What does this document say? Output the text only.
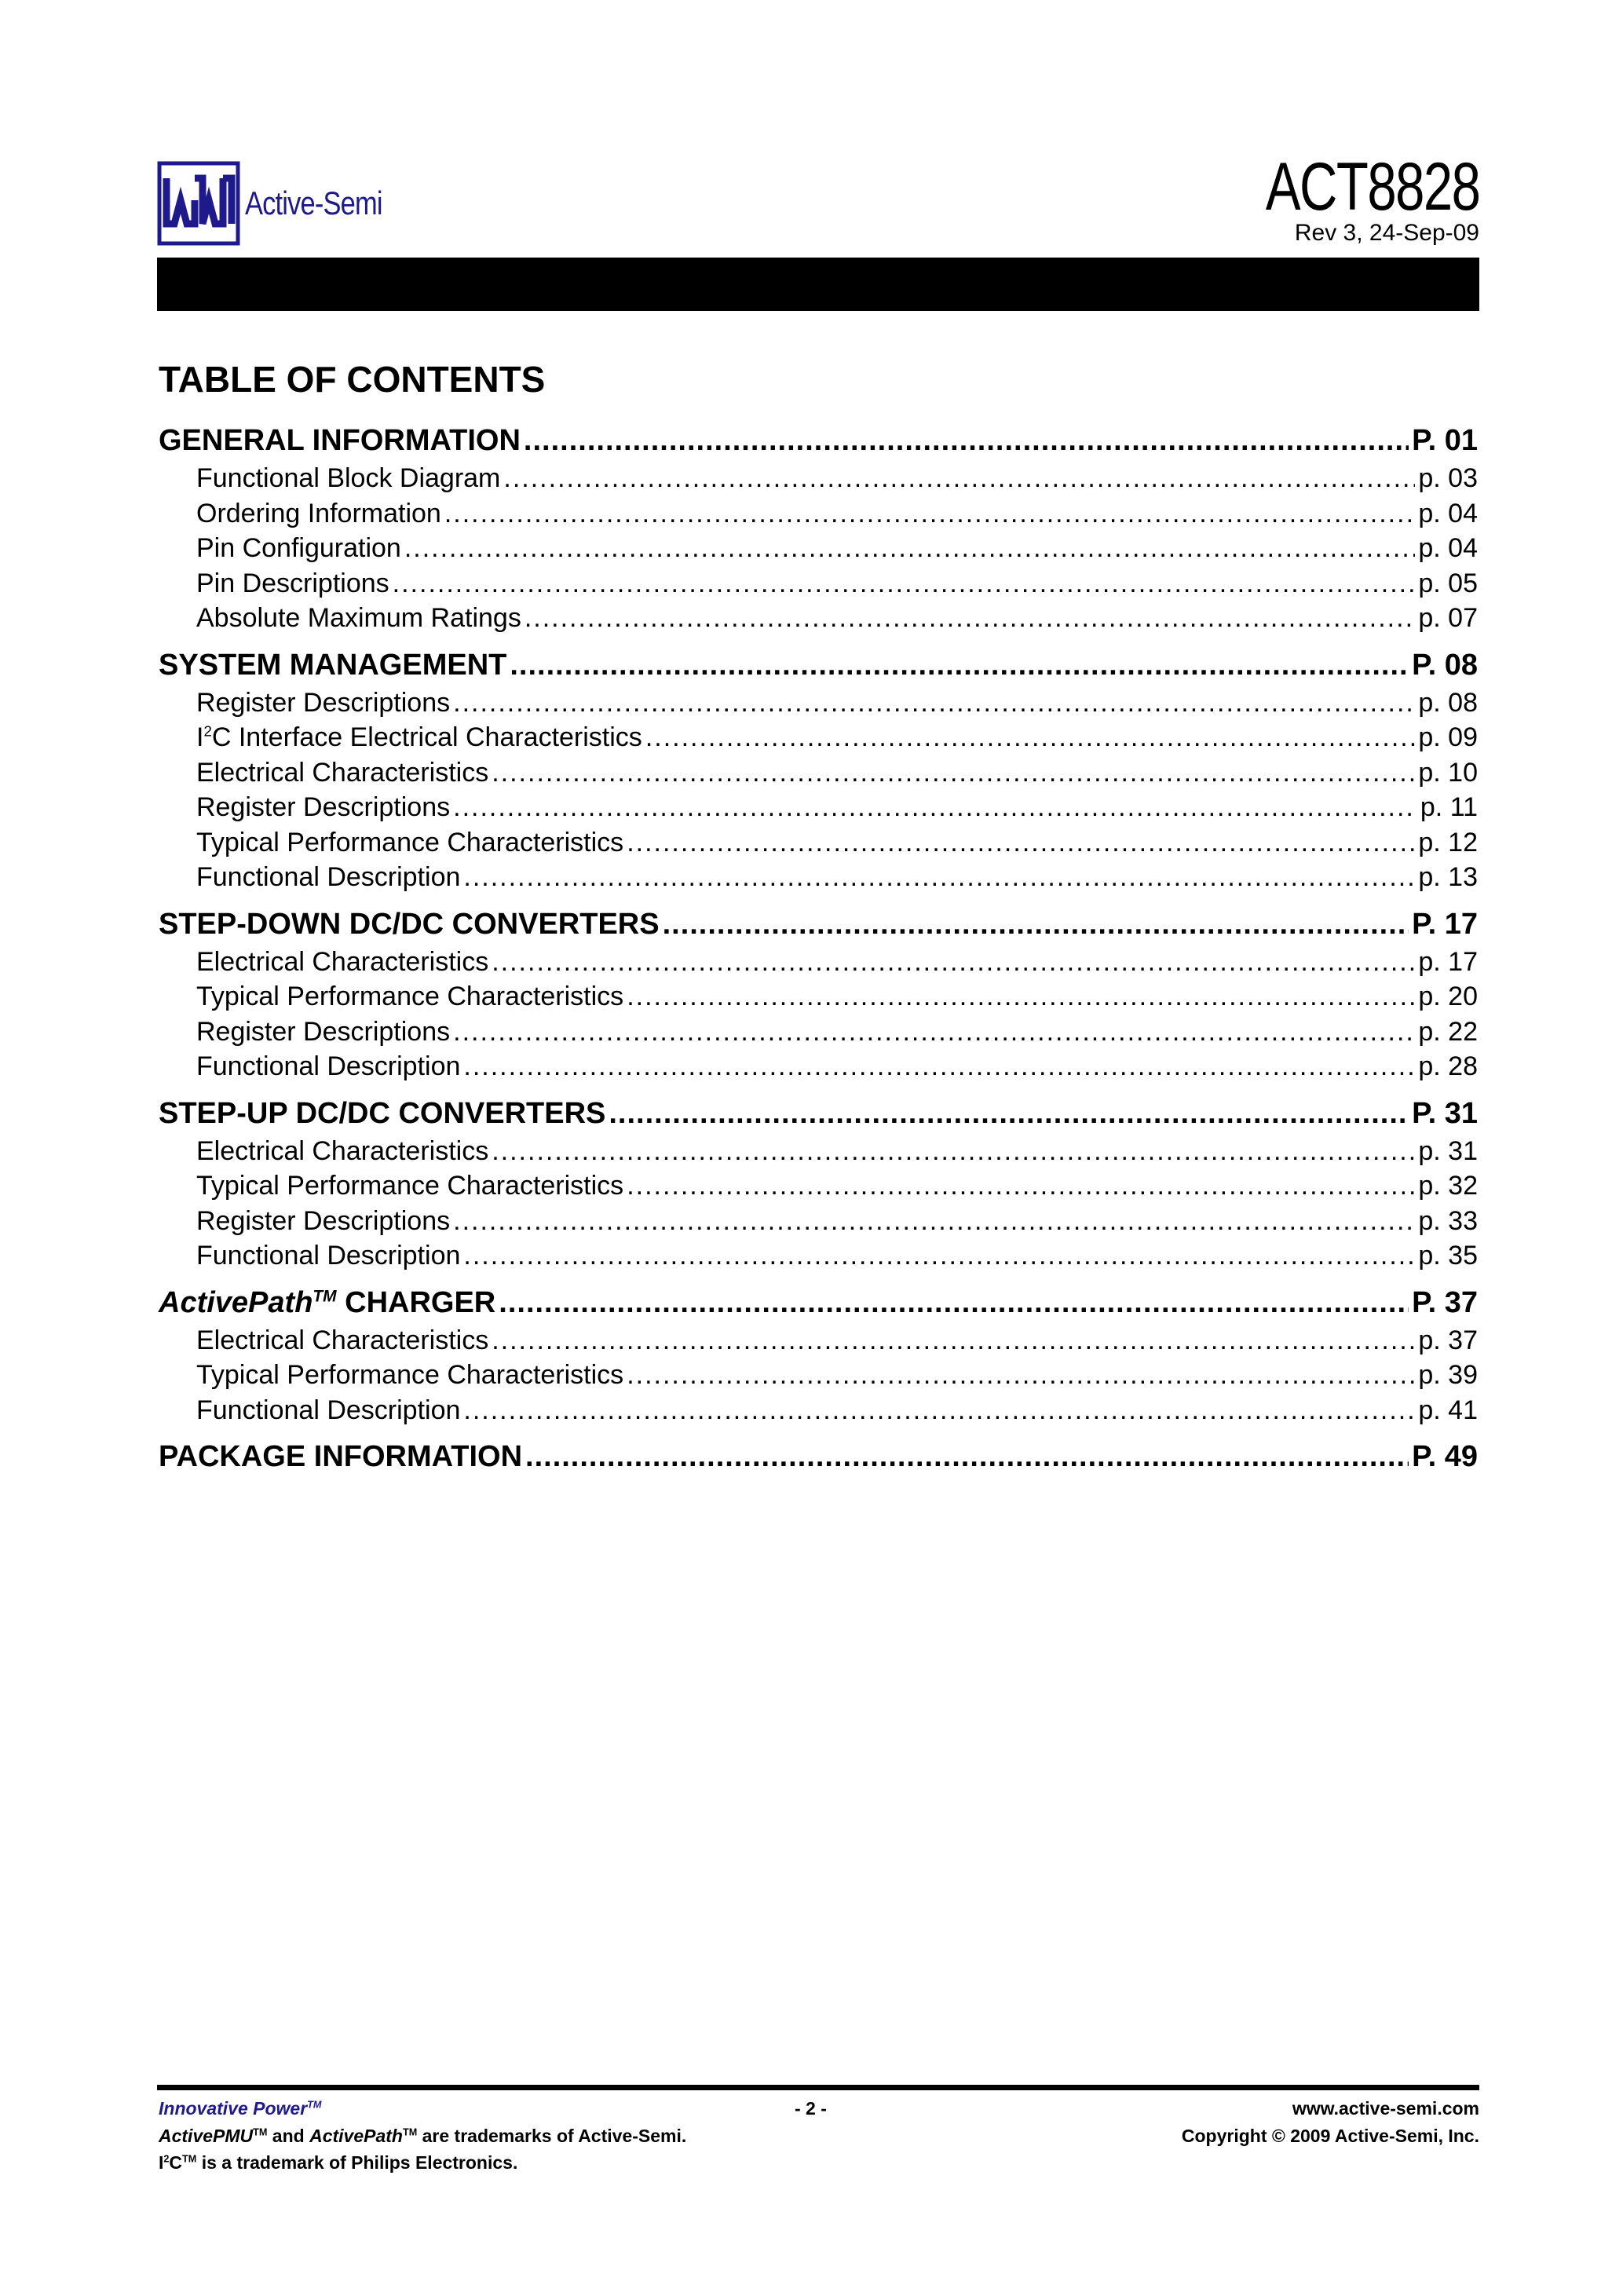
Active-Semi	ACT8828
Rev 3, 24-Sep-09
TABLE OF CONTENTS
GENERAL INFORMATION .....	P. 01
Functional Block Diagram .....	p. 03
Ordering Information .....	p. 04
Pin Configuration .....	p. 04
Pin Descriptions .....	p. 05
Absolute Maximum Ratings .....	p. 07
SYSTEM MANAGEMENT .....	P. 08
Register Descriptions .....	p. 08
$I^2C$ Interface Electrical Characteristics .....	p. 09
Electrical Characteristics .....	p. 10
Register Descriptions .....	p. 11
Typical Performance Characteristics .....	p. 12
Functional Description .....	p. 13
STEP-DOWN DC/DC CONVERTERS .....	P. 17
Electrical Characteristics .....	p. 17
Typical Performance Characteristics .....	p. 20
Register Descriptions .....	p. 22
Functional Description .....	p. 28
STEP-UP DC/DC CONVERTERS .....	P. 31
Electrical Characteristics .....	p. 31
Typical Performance Characteristics .....	p. 32
Register Descriptions .....	p. 33
Functional Description .....	p. 35
ActivePath™ CHARGER .....	P. 37
Electrical Characteristics .....	p. 37
Typical Performance Characteristics .....	p. 39
Functional Description .....	p. 41
PACKAGE INFORMATION .....	P. 49
Innovative Power™
ActivePMU™ and ActivePath™ are trademarks of Active-Semi.
$I^2C™$ is a trademark of Philips Electronics.
- 2 -	www.active-semi.com
Copyright © 2009 Active-Semi, Inc.
